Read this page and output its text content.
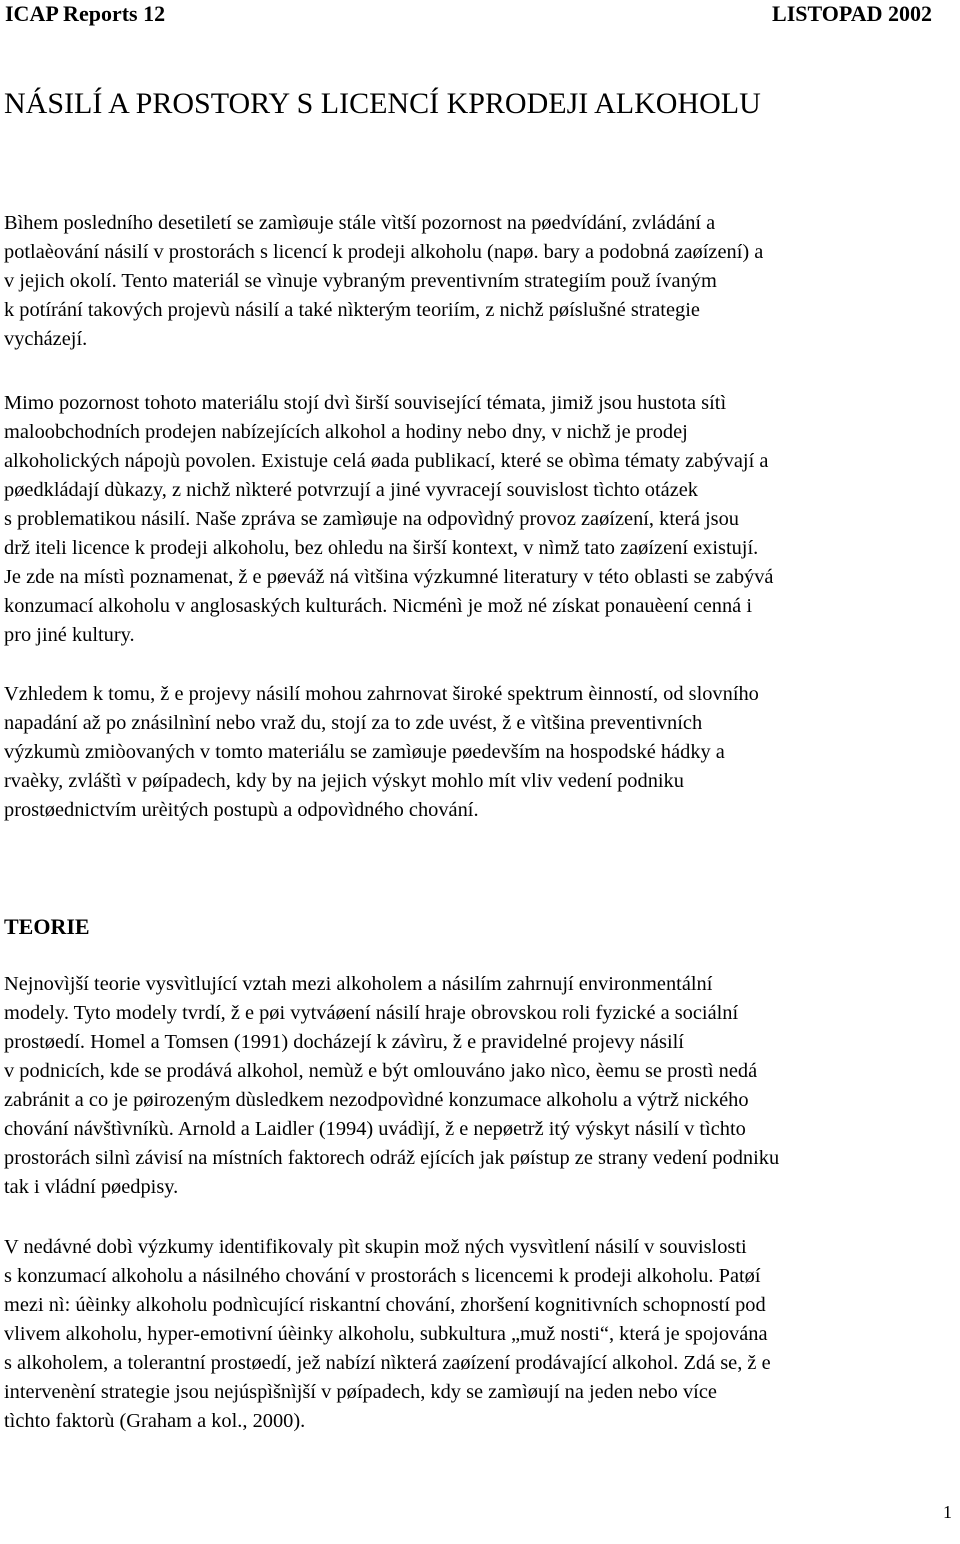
ICAP Reports 12	LISTOPAD 2002
NÁSILÍ A PROSTORY S LICENCÍ KPRODEJI ALKOHOLU
Bìhem posledního desetiletí se zamìøuje stále vìtší pozornost na pøedvídání, zvládání a
potlaèování násilí v prostorách s licencí k prodeji alkoholu (napø. bary a podobná zaøízení) a
v jejich okolí. Tento materiál se vìnuje vybraným preventivním strategiím použ ívaným
k potírání takových projevù násilí a také nìkterým teoriím, z nichž pøíslušné strategie
vycházejí.
Mimo pozornost tohoto materiálu stojí dvì širší související témata, jimiž jsou hustota sítì
maloobchodních prodejen nabízejících alkohol a hodiny nebo dny, v nichž je prodej
alkoholických nápojù povolen. Existuje celá øada publikací, které se obìma tématy zabývají a
pøedkládají dùkazy, z nichž nìkteré potvrzují a jiné vyvracejí souvislost tìchto otázek
s problematikou násilí. Naše zpráva se zamìøuje na odpovìdný provoz zaøízení, která jsou
drž iteli licence k prodeji alkoholu, bez ohledu na širší kontext, v nìmž tato zaøízení existují.
Je zde na místì poznamenat, ž e pøeváž ná vìtšina výzkumné literatury v této oblasti se zabývá
konzumací alkoholu v anglosaských kulturách. Nicménì je mož né získat ponauèení cenná i
pro jiné kultury.
Vzhledem k tomu, ž e projevy násilí mohou zahrnovat široké spektrum èinností, od slovního
napadání až po znásilnìní nebo vraž du, stojí za to zde uvést, ž e vìtšina preventivních
výzkumù zmiòovaných v tomto materiálu se zamìøuje pøedevším na hospodské hádky a
rvaèky, zvláštì v pøípadech, kdy by na jejich výskyt mohlo mít vliv vedení podniku
prostøednictvím urèitých postupù a odpovìdného chování.
TEORIE
Nejnovìjší teorie vysvìtlující vztah mezi alkoholem a násilím zahrnují environmentální
modely. Tyto modely tvrdí, ž e pøi vytváøení násilí hraje obrovskou roli fyzické a sociální
prostøedí. Homel a Tomsen (1991) docházejí k závìru, ž e pravidelné projevy násilí
v podnicích, kde se prodává alkohol, nemùž e být omlouváno jako nìco, èemu se prostì nedá
zabránit a co je pøirozeným dùsledkem nezodpovìdné konzumace alkoholu a výtrž nického
chování návštìvníkù. Arnold a Laidler (1994) uvádìjí, ž e nepøetrž itý výskyt násilí v tìchto
prostorách silnì závisí na místních faktorech odráž ejících jak pøístup ze strany vedení podniku
tak i vládní pøedpisy.
V nedávné dobì výzkumy identifikovaly pìt skupin mož ných vysvìtlení násilí v souvislosti
s konzumací alkoholu a násilného chování v prostorách s licencemi k prodeji alkoholu. Patøí
mezi nì: úèinky alkoholu podnìcující riskantní chování, zhoršení kognitivních schopností pod
vlivem alkoholu, hyper-emotivní úèinky alkoholu, subkultura „muž nosti“, která je spojována
s alkoholem, a tolerantní prostøedí, jež nabízí nìkterá zaøízení prodávající alkohol. Zdá se, ž e
intervenèní strategie jsou nejúspìšnìjší v pøípadech, kdy se zamìøují na jeden nebo více
tìchto faktorù (Graham a kol., 2000).
1
